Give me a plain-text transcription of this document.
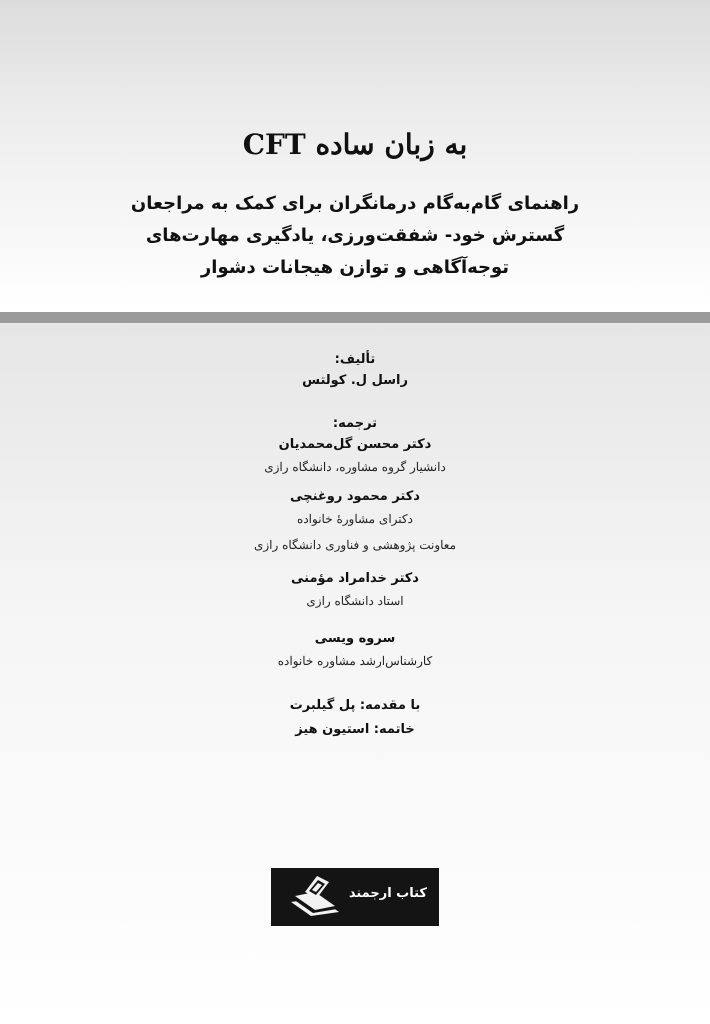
CFT به زبان ساده
راهنمای گام‌به‌گام درمانگران برای کمک به مراجعان
گسترش خود- شفقت‌ورزی، یادگیری مهارت‌های
توجه‌آگاهی و توازن هیجانات دشوار
تألیف:
راسل ل. کولتس
ترجمه:
دکتر محسن گل‌محمدیان
دانشیار گروه مشاوره، دانشگاه رازی
دکتر محمود روغنچی
دکترای مشاورهٔ خانواده
معاونت پژوهشی و فناوری دانشگاه رازی
دکتر خدامراد مؤمنی
استاد دانشگاه رازی
سروه ویسی
کارشناس‌ارشد مشاوره خانواده
با مقدمه: پل گیلبرت
خاتمه: استیون هیز
کتاب ارجمند
